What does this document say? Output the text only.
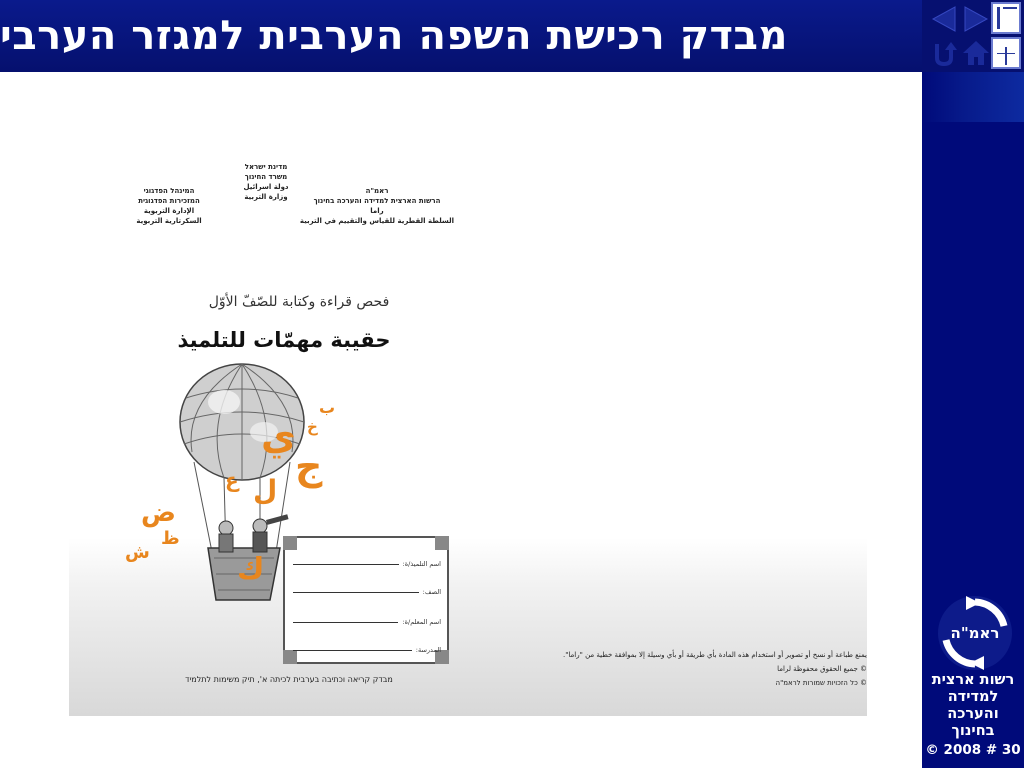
מבדק רכישת השפה הערבית למגזר הערבי
ראמ"ה
רשות ארצית
למדידה
והערכה
בחינוך
© 2008 # 30
המינהל הפדגוגי
המזכירות הפדגוגית
الإدارة التربوية
السكرتارية التربوية
מדינת ישראל
משרד החינוך
دولة اسرائيل
وزارة التربية
ראמ"ה
הרשות הארצית למדידה והערכה בחינוך
راما
السلطة القطرية للقياس والتقييم في التربية
فحص قراءة وكتابة للصّفّ الأوّل
حقيبة مهمّات للتلميذ
ب
خ
ي
ج
ع ل
ض
ظ
ش	ك	اسم التلميذ/ة:
الصف:
اسم المعلم/ة:
المدرسة:
מבדק קריאה וכתיבה בערבית לכיתה א', תיק משימות לתלמיד
يمنع طباعة أو نسخ أو تصوير أو استخدام هذه المادة بأي طريقة أو بأي وسيلة إلا بموافقة خطية من "راما".
© جميع الحقوق محفوظة لراما
© כל הזכויות שמורות לראמ"ה
